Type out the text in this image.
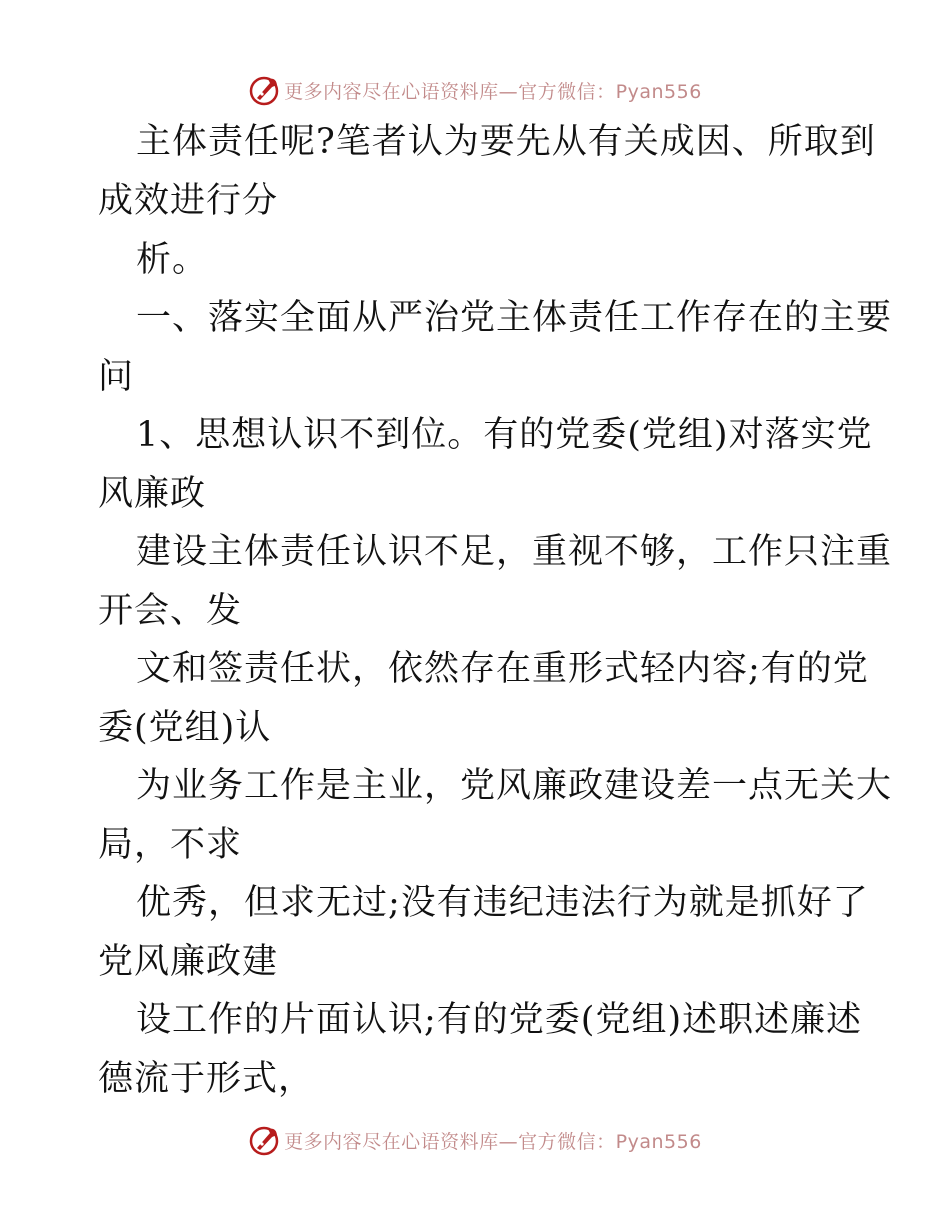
更多内容尽在心语资料库—官方微信：Pyan556
主体责任呢?笔者认为要先从有关成因、所取到
成效进行分
析。
一、落实全面从严治党主体责任工作存在的主要
问
1、思想认识不到位。有的党委(党组)对落实党
风廉政
建设主体责任认识不足，重视不够，工作只注重
开会、发
文和签责任状，依然存在重形式轻内容;有的党
委(党组)认
为业务工作是主业，党风廉政建设差一点无关大
局，不求
优秀，但求无过;没有违纪违法行为就是抓好了
党风廉政建
设工作的片面认识;有的党委(党组)述职述廉述
德流于形式，
更多内容尽在心语资料库—官方微信：Pyan556
